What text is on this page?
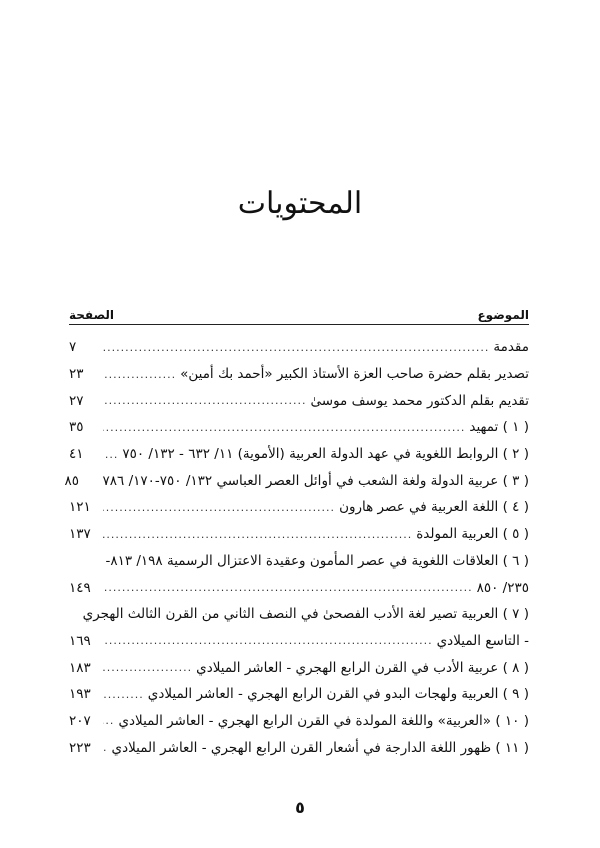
المحتويات
الموضوع
الصفحة
مقدمة
.....
٧
تصدير بقلم حضرة صاحب العزة الأستاذ الكبير «أحمد بك أمين»
.....
٢٣
تقديم بقلم الدكتور محمد يوسف موسىٰ
.....
٢٧
( ١ ) تمهيد
.....
٣٥
( ٢ ) الروابط اللغوية في عهد الدولة العربية (الأموية) ١١/ ٦٣٢ - ١٣٢/ ٧٥٠
.....
٤١
( ٣ ) عربية الدولة ولغة الشعب في أوائل العصر العباسي ١٣٢/ ٧٥٠-١٧٠/ ٧٨٦
٨٥
( ٤ ) اللغة العربية في عصر هارون
.....
١٢١
( ٥ ) العربية المولدة
.....
١٣٧
( ٦ ) العلاقات اللغوية في عصر المأمون وعقيدة الاعتزال الرسمية ١٩٨/ ٨١٣-
٢٣٥/ ٨٥٠
.....
١٤٩
( ٧ ) العربية تصير لغة الأدب الفصحىٰ في النصف الثاني من القرن الثالث الهجري
- التاسع الميلادي
.....
١٦٩
( ٨ ) عربية الأدب في القرن الرابع الهجري - العاشر الميلادي
.....
١٨٣
( ٩ ) العربية ولهجات البدو في القرن الرابع الهجري - العاشر الميلادي
.....
١٩٣
( ١٠ ) «العربية» واللغة المولدة في القرن الرابع الهجري - العاشر الميلادي
.....
٢٠٧
( ١١ ) ظهور اللغة الدارجة في أشعار القرن الرابع الهجري - العاشر الميلادي
.....
٢٢٣
٥
